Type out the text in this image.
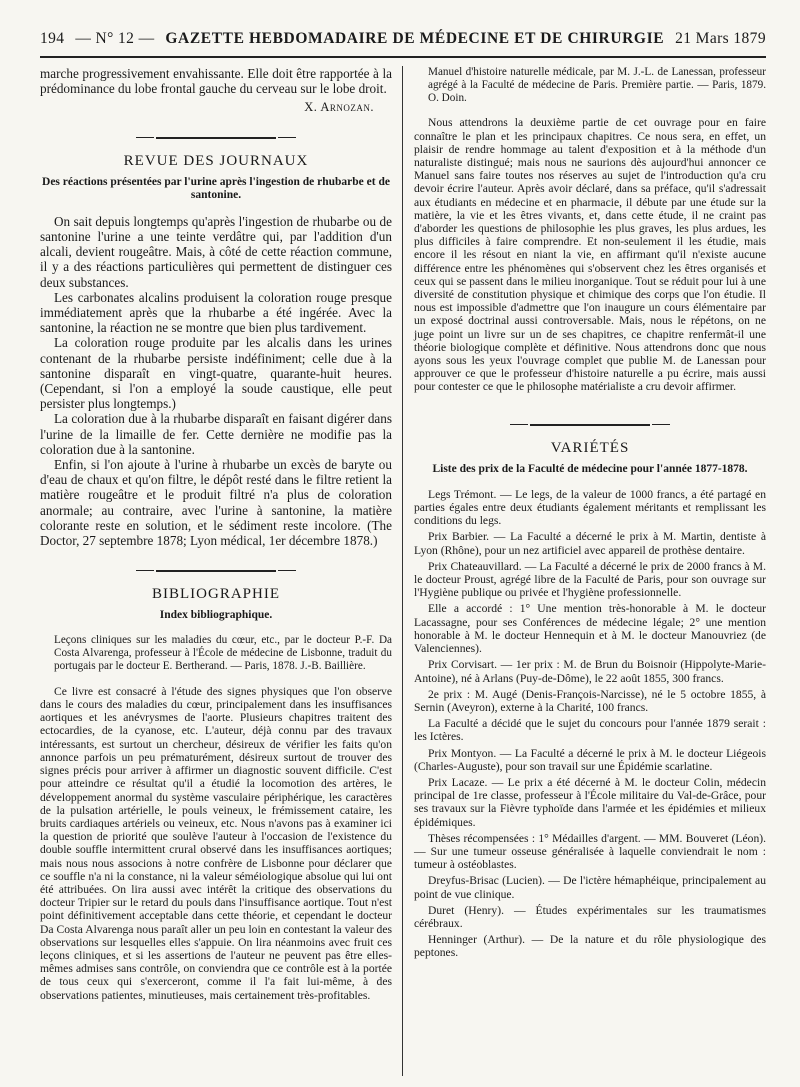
194 — N° 12 — GAZETTE HEBDOMADAIRE DE MÉDECINE ET DE CHIRURGIE 21 Mars 1879

marche progressivement envahissante. Elle doit être rapportée à la prédominance du lobe frontal gauche du cerveau sur le lobe droit.

X. Arnozan.
REVUE DES JOURNAUX
Des réactions présentées par l'urine après l'ingestion de rhubarbe et de santonine.

On sait depuis longtemps qu'après l'ingestion de rhubarbe ou de santonine l'urine a une teinte verdâtre qui, par l'addition d'un alcali, devient rougeâtre. Mais, à côté de cette réaction commune, il y a des réactions particulières qui permettent de distinguer ces deux substances.

Les carbonates alcalins produisent la coloration rouge presque immédiatement après que la rhubarbe a été ingérée. Avec la santonine, la réaction ne se montre que bien plus tardivement.

La coloration rouge produite par les alcalis dans les urines contenant de la rhubarbe persiste indéfiniment; celle due à la santonine disparaît en vingt-quatre, quarante-huit heures. (Cependant, si l'on a employé la soude caustique, elle peut persister plus longtemps.)

La coloration due à la rhubarbe disparaît en faisant digérer dans l'urine de la limaille de fer. Cette dernière ne modifie pas la coloration due à la santonine.

Enfin, si l'on ajoute à l'urine à rhubarbe un excès de baryte ou d'eau de chaux et qu'on filtre, le dépôt resté dans le filtre retient la matière rougeâtre et le produit filtré n'a plus de coloration anormale; au contraire, avec l'urine à santonine, la matière colorante reste en solution, et le sédiment reste incolore. (The Doctor, 27 septembre 1878; Lyon médical, 1er décembre 1878.)

BIBLIOGRAPHIE
Index bibliographique.

Leçons cliniques sur les maladies du cœur, etc., par le docteur P.-F. Da Costa Alvarenga, professeur à l'École de médecine de Lisbonne, traduit du portugais par le docteur E. Bertherand. — Paris, 1878. J.-B. Baillière.

Ce livre est consacré à l'étude des signes physiques que l'on observe dans le cours des maladies du cœur, principalement dans les insuffisances aortiques et les anévrysmes de l'aorte. Plusieurs chapitres traitent des ectocardies, de la cyanose, etc. L'auteur, déjà connu par des travaux intéressants, est surtout un chercheur, désireux de vérifier les faits qu'on annonce parfois un peu prématurément, désireux surtout de trouver des signes précis pour arriver à affirmer un diagnostic souvent difficile. C'est pour atteindre ce résultat qu'il a étudié la locomotion des artères, le développement anormal du système vasculaire périphérique, les caractères de la pulsation artérielle, le pouls veineux, le frémissement cataire, les bruits cardiaques artériels ou veineux, etc. Nous n'avons pas à examiner ici la question de priorité que soulève l'auteur à l'occasion de l'existence du double souffle intermittent crural observé dans les insuffisances aortiques; mais nous nous associons à notre confrère de Lisbonne pour déclarer que ce souffle n'a ni la constance, ni la valeur séméiologique absolue qui lui ont été attribuées. On lira aussi avec intérêt la critique des observations du docteur Tripier sur le retard du pouls dans l'insuffisance aortique. Tout n'est point définitivement acceptable dans cette théorie, et cependant le docteur Da Costa Alvarenga nous paraît aller un peu loin en contestant la valeur des observations sur lesquelles elles s'appuie. On lira néanmoins avec fruit ces leçons cliniques, et si les assertions de l'auteur ne peuvent pas être elles-mêmes admises sans contrôle, on conviendra que ce contrôle est à la portée de tous ceux qui s'exerceront, comme il l'a fait lui-même, à des observations patientes, minutieuses, mais certainement très-profitables.

Manuel d'histoire naturelle médicale, par M. J.-L. de Lanessan, professeur agrégé à la Faculté de médecine de Paris. Première partie. — Paris, 1879. O. Doin.

Nous attendrons la deuxième partie de cet ouvrage pour en faire connaître le plan et les principaux chapitres. Ce nous sera, en effet, un plaisir de rendre hommage au talent d'exposition et à la méthode d'un naturaliste distingué; mais nous ne saurions dès aujourd'hui annoncer ce Manuel sans faire toutes nos réserves au sujet de l'introduction qu'a cru devoir écrire l'auteur. Après avoir déclaré, dans sa préface, qu'il s'adressait aux étudiants en médecine et en pharmacie, il débute par une étude sur la matière, la vie et les êtres vivants, et, dans cette étude, il ne craint pas d'aborder les questions de philosophie les plus graves, les plus ardues, les plus difficiles à faire comprendre. Et non-seulement il les étudie, mais encore il les résout en niant la vie, en affirmant qu'il n'existe aucune différence entre les phénomènes qui s'observent chez les êtres organisés et ceux qui se passent dans le milieu inorganique. Tout se réduit pour lui à une diversité de constitution physique et chimique des corps que l'on étudie. Il nous est impossible d'admettre que l'on inaugure un cours élémentaire par un exposé doctrinal aussi controversable. Mais, nous le répétons, on ne juge point un livre sur un de ses chapitres, ce chapitre renfermât-il une théorie biologique complète et définitive. Nous attendrons donc que nous ayons sous les yeux l'ouvrage complet que publie M. de Lanessan pour approuver ce que le professeur d'histoire naturelle a pu écrire, mais aussi pour contester ce que le philosophe matérialiste a cru devoir affirmer.

VARIÉTÉS
Liste des prix de la Faculté de médecine pour l'année 1877-1878.

Legs Trémont. — Le legs, de la valeur de 1000 francs, a été partagé en parties égales entre deux étudiants également méritants et remplissant les conditions du legs.

Prix Barbier. — La Faculté a décerné le prix à M. Martin, dentiste à Lyon (Rhône), pour un nez artificiel avec appareil de prothèse dentaire.

Prix Chateauvillard. — La Faculté a décerné le prix de 2000 francs à M. le docteur Proust, agrégé libre de la Faculté de Paris, pour son ouvrage sur l'Hygiène publique ou privée et l'hygiène professionnelle.

Elle a accordé : 1° Une mention très-honorable à M. le docteur Lacassagne, pour ses Conférences de médecine légale; 2° une mention honorable à M. le docteur Hennequin et à M. le docteur Manouvriez (de Valenciennes).

Prix Corvisart. — 1er prix : M. de Brun du Boisnoir (Hippolyte-Marie-Antoine), né à Arlans (Puy-de-Dôme), le 22 août 1855, 300 francs.

2e prix : M. Augé (Denis-François-Narcisse), né le 5 octobre 1855, à Sernin (Aveyron), externe à la Charité, 100 francs.

La Faculté a décidé que le sujet du concours pour l'année 1879 serait : les Ictères.

Prix Montyon. — La Faculté a décerné le prix à M. le docteur Liégeois (Charles-Auguste), pour son travail sur une Épidémie scarlatine.

Prix Lacaze. — Le prix a été décerné à M. le docteur Colin, médecin principal de 1re classe, professeur à l'École militaire du Val-de-Grâce, pour ses travaux sur la Fièvre typhoïde dans l'armée et les épidémies et milieux épidémiques.

Thèses récompensées : 1° Médailles d'argent. — MM. Bouveret (Léon). — Sur une tumeur osseuse généralisée à laquelle conviendrait le nom : tumeur à ostéoblastes.

Dreyfus-Brisac (Lucien). — De l'ictère hémaphéique, principalement au point de vue clinique.

Duret (Henry). — Études expérimentales sur les traumatismes cérébraux.

Henninger (Arthur). — De la nature et du rôle physiologique des peptones.
